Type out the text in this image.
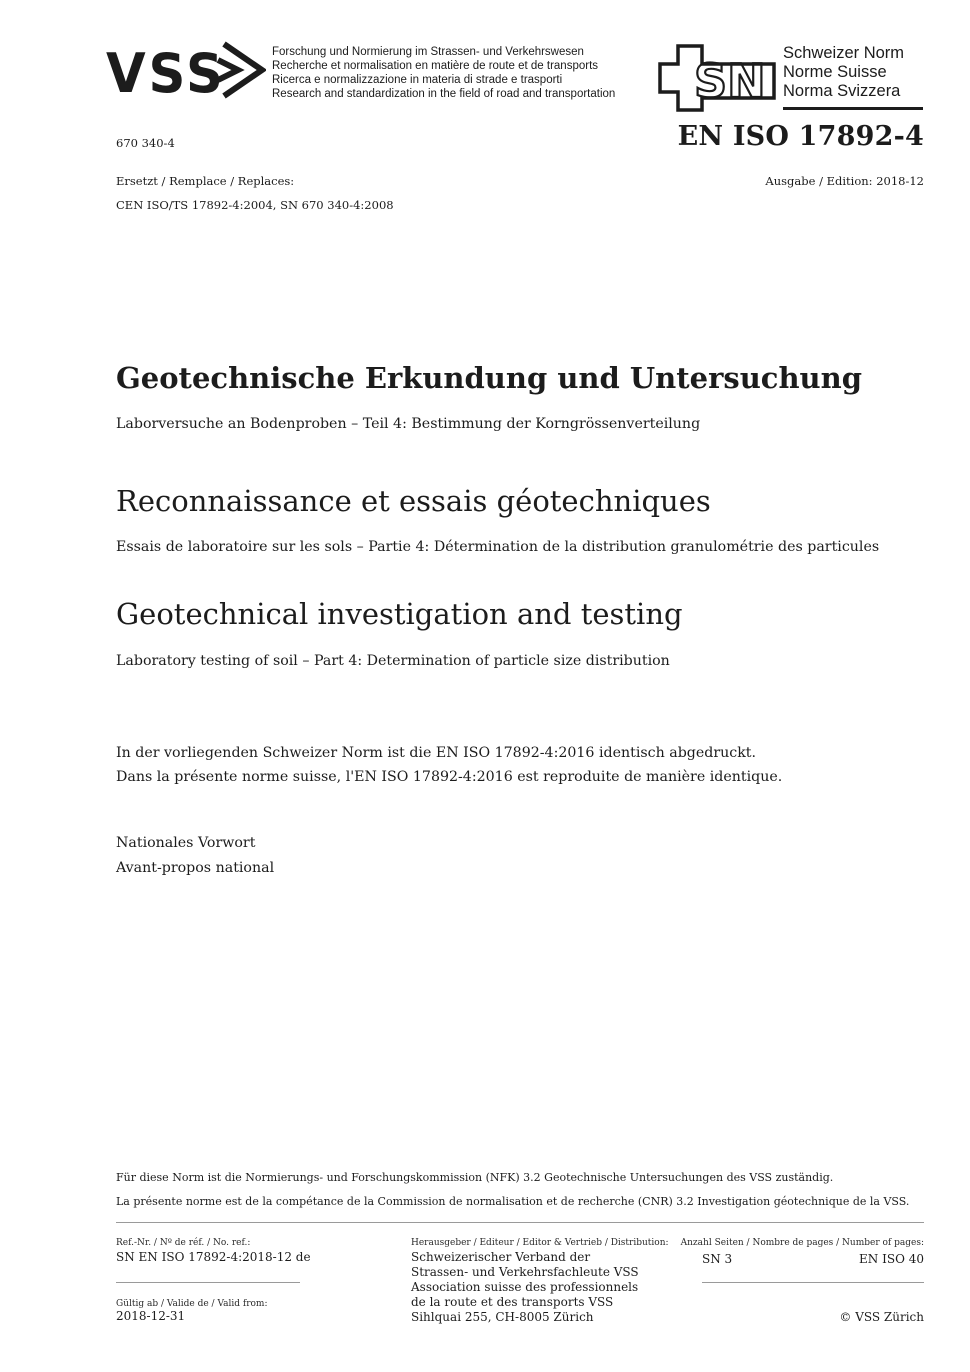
VSS	Forschung und Normierung im Strassen- und Verkehrswesen
Recherche et normalisation en matière de route et de transports
Ricerca e normalizzazione in materia di strade e trasporti
Research and standardization in the field of road and transportation SN
Schweizer Norm
Norme Suisse
Norma Svizzera
670 340-4	EN ISO 17892-4
Ersetzt / Remplace / Replaces:	Ausgabe / Edition: 2018-12
CEN ISO/TS 17892-4:2004, SN 670 340-4:2008
Geotechnische Erkundung und Untersuchung
Laborversuche an Bodenproben – Teil 4: Bestimmung der Korngrössenverteilung
Reconnaissance et essais géotechniques
Essais de laboratoire sur les sols – Partie 4: Détermination de la distribution granulométrie des particules
Geotechnical investigation and testing
Laboratory testing of soil – Part 4: Determination of particle size distribution
In der vorliegenden Schweizer Norm ist die EN ISO 17892-4:2016 identisch abgedruckt.
Dans la présente norme suisse, l'EN ISO 17892-4:2016 est reproduite de manière identique.
Nationales Vorwort
Avant-propos national
Für diese Norm ist die Normierungs- und Forschungskommission (NFK) 3.2 Geotechnische Untersuchungen des VSS zuständig.
La présente norme est de la compétance de la Commission de normalisation et de recherche (CNR) 3.2 Investigation géotechnique de la VSS.
Ref.-Nr. / Nº de réf. / No. ref.:
SN EN ISO 17892-4:2018-12 de
Gültig ab / Valide de / Valid from:
2018-12-31
Herausgeber / Editeur / Editor & Vertrieb / Distribution:
Schweizerischer Verband der
Strassen- und Verkehrsfachleute VSS
Association suisse des professionnels
de la route et des transports VSS
Sihlquai 255, CH-8005 Zürich
Anzahl Seiten / Nombre de pages / Number of pages:
SN 3	EN ISO 40
© VSS Zürich
